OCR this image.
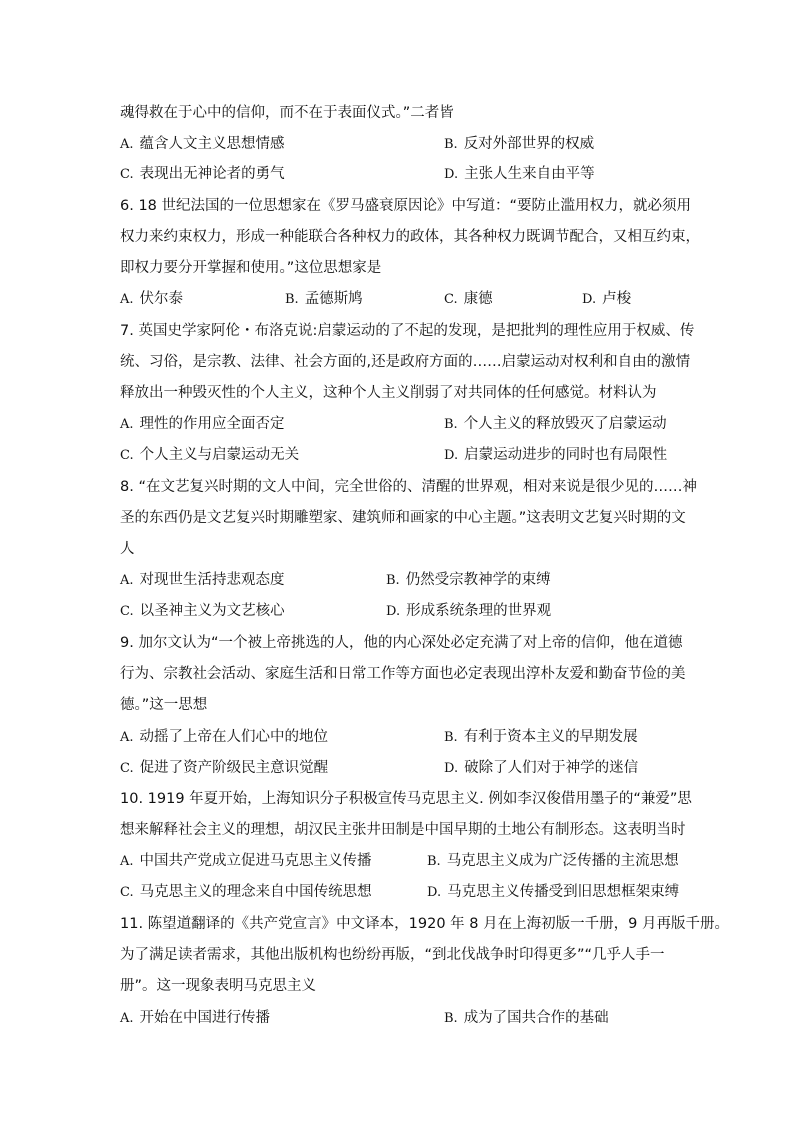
魂得救在于心中的信仰，而不在于表面仪式。”二者皆
A. 蕴含人文主义思想情感	B. 反对外部世界的权威
C. 表现出无神论者的勇气	D. 主张人生来自由平等
6. 18 世纪法国的一位思想家在《罗马盛衰原因论》中写道：“要防止滥用权力，就必须用
权力来约束权力，形成一种能联合各种权力的政体，其各种权力既调节配合，又相互约束，
即权力要分开掌握和使用。”这位思想家是
A. 伏尔泰	B. 孟德斯鸠	C. 康德	D. 卢梭
7. 英国史学家阿伦・布洛克说:启蒙运动的了不起的发现，是把批判的理性应用于权威、传
统、习俗，是宗教、法律、社会方面的,还是政府方面的……启蒙运动对权利和自由的激情
释放出一种毁灭性的个人主义，这种个人主义削弱了对共同体的任何感觉。材料认为
A. 理性的作用应全面否定	B. 个人主义的释放毁灭了启蒙运动
C. 个人主义与启蒙运动无关	D. 启蒙运动进步的同时也有局限性
8. “在文艺复兴时期的文人中间，完全世俗的、清醒的世界观，相对来说是很少见的……神
圣的东西仍是文艺复兴时期雕塑家、建筑师和画家的中心主题。”这表明文艺复兴时期的文
人
A. 对现世生活持悲观态度	B. 仍然受宗教神学的束缚
C. 以圣神主义为文艺核心	D. 形成系统条理的世界观
9. 加尔文认为“一个被上帝挑选的人，他的内心深处必定充满了对上帝的信仰，他在道德
行为、宗教社会活动、家庭生活和日常工作等方面也必定表现出淳朴友爱和勤奋节俭的美
德。”这一思想
A. 动摇了上帝在人们心中的地位	B. 有利于资本主义的早期发展
C. 促进了资产阶级民主意识觉醒	D. 破除了人们对于神学的迷信
10. 1919 年夏开始，上海知识分子积极宣传马克思主义. 例如李汉俊借用墨子的“兼爱”思
想来解释社会主义的理想，胡汉民主张井田制是中国早期的土地公有制形态。这表明当时
A. 中国共产党成立促进马克思主义传播	B. 马克思主义成为广泛传播的主流思想
C. 马克思主义的理念来自中国传统思想	D. 马克思主义传播受到旧思想框架束缚
11. 陈望道翻译的《共产党宣言》中文译本，1920 年 8 月在上海初版一千册，9 月再版千册。
为了满足读者需求，其他出版机构也纷纷再版，“到北伐战争时印得更多”“几乎人手一
册”。这一现象表明马克思主义
A. 开始在中国进行传播	B. 成为了国共合作的基础
